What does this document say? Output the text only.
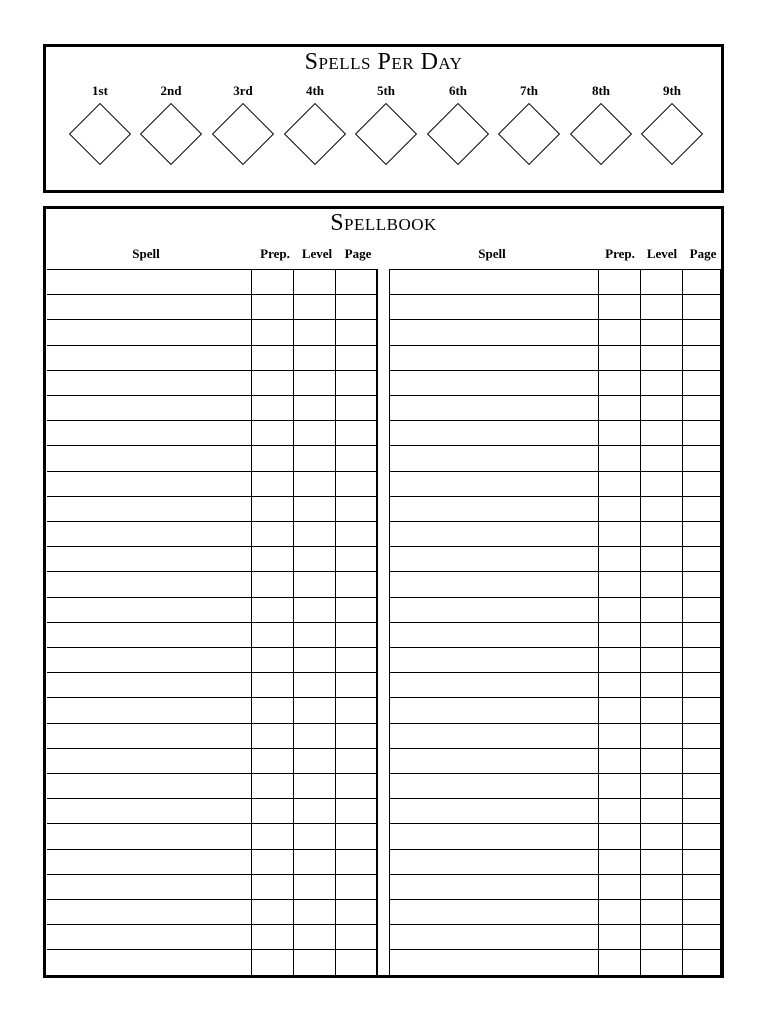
Spells Per Day
1st	2nd	3rd	4th	5th	6th	7th	8th	9th
Spellbook
Spell	Prep. Level Page	Spell	Prep. Level Page
